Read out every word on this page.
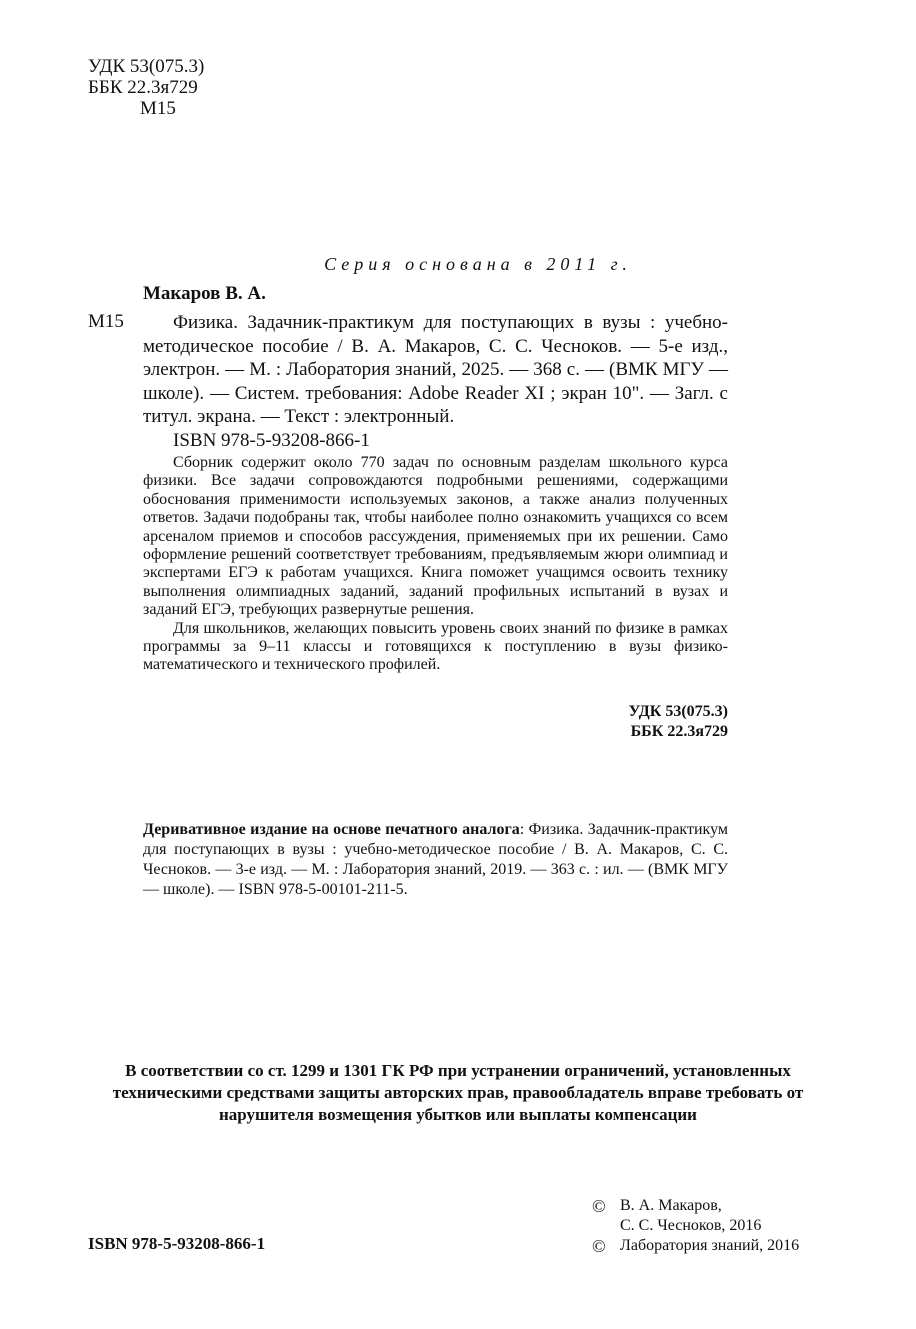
УДК 53(075.3)
ББК 22.3я729
М15
Серия основана в 2011 г.
Макаров В. А.
М15	Физика. Задачник-практикум для поступающих в вузы : учебно-методическое пособие / В. А. Макаров, С. С. Чесноков. — 5-е изд., электрон. — М. : Лаборатория знаний, 2025. — 368 с. — (ВМК МГУ — школе). — Систем. требования: Adobe Reader XI ; экран 10". — Загл. с титул. экрана. — Текст : электронный.
ISBN 978-5-93208-866-1

Сборник содержит около 770 задач по основным разделам школьного курса физики. Все задачи сопровождаются подробными решениями, содержащими обоснования применимости используемых законов, а также анализ полученных ответов. Задачи подобраны так, чтобы наиболее полно ознакомить учащихся со всем арсеналом приемов и способов рассуждения, применяемых при их решении. Само оформление решений соответствует требованиям, предъявляемым жюри олимпиад и экспертами ЕГЭ к работам учащихся. Книга поможет учащимся освоить технику выполнения олимпиадных заданий, заданий профильных испытаний в вузах и заданий ЕГЭ, требующих развернутые решения.

Для школьников, желающих повысить уровень своих знаний по физике в рамках программы за 9–11 классы и готовящихся к поступлению в вузы физико-математического и технического профилей.

УДК 53(075.3)
ББК 22.3я729
Деривативное издание на основе печатного аналога: Физика. Задачник-практикум для поступающих в вузы : учебно-методическое пособие / В. А. Макаров, С. С. Чесноков. — 3-е изд. — М. : Лаборатория знаний, 2019. — 363 с. : ил. — (ВМК МГУ — школе). — ISBN 978-5-00101-211-5.
В соответствии со ст. 1299 и 1301 ГК РФ при устранении ограничений, установленных техническими средствами защиты авторских прав, правообладатель вправе требовать от нарушителя возмещения убытков или выплаты компенсации
© В. А. Макаров,
С. С. Чесноков, 2016
© Лаборатория знаний, 2016
ISBN 978-5-93208-866-1
